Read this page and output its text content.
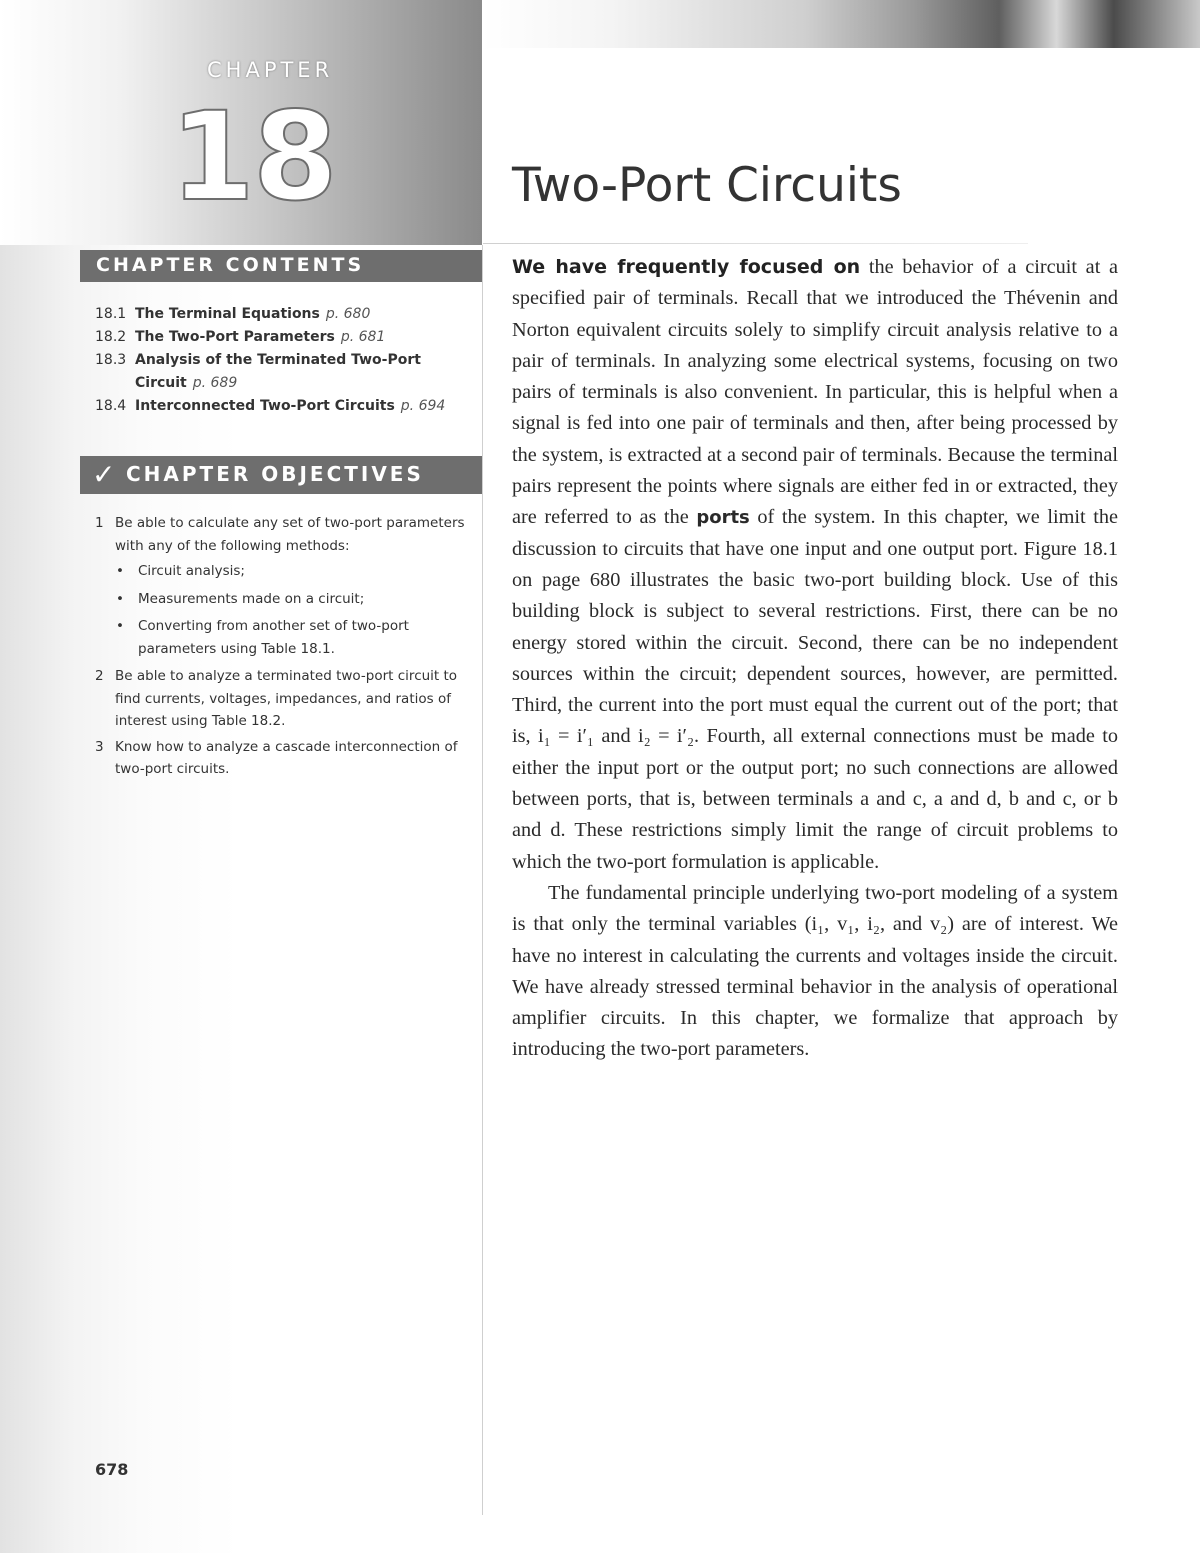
CHAPTER
18	Two-Port Circuits
CHAPTER CONTENTS
18.1 The Terminal Equations p. 680
18.2 The Two-Port Parameters p. 681
18.3 Analysis of the Terminated Two-Port Circuit p. 689
18.4 Interconnected Two-Port Circuits p. 694
✓ CHAPTER OBJECTIVES
1 Be able to calculate any set of two-port parameters with any of the following methods:
• Circuit analysis;
• Measurements made on a circuit;
• Converting from another set of two-port parameters using Table 18.1.
2 Be able to analyze a terminated two-port circuit to find currents, voltages, impedances, and ratios of interest using Table 18.2.
3 Know how to analyze a cascade interconnection of two-port circuits.

We have frequently focused on the behavior of a circuit at a specified pair of terminals. Recall that we introduced the Thévenin and Norton equivalent circuits solely to simplify circuit analysis relative to a pair of terminals. In analyzing some electrical systems, focusing on two pairs of terminals is also convenient. In particular, this is helpful when a signal is fed into one pair of terminals and then, after being processed by the system, is extracted at a second pair of terminals. Because the terminal pairs represent the points where signals are either fed in or extracted, they are referred to as the ports of the system. In this chapter, we limit the discussion to circuits that have one input and one output port. Figure 18.1 on page 680 illustrates the basic two-port building block. Use of this building block is subject to several restrictions. First, there can be no energy stored within the circuit. Second, there can be no independent sources within the circuit; dependent sources, however, are permitted. Third, the current into the port must equal the current out of the port; that is, i₁ = i′₁ and i₂ = i′₂. Fourth, all external connections must be made to either the input port or the output port; no such connections are allowed between ports, that is, between terminals a and c, a and d, b and c, or b and d. These restrictions simply limit the range of circuit problems to which the two-port formulation is applicable.

The fundamental principle underlying two-port modeling of a system is that only the terminal variables (i₁, v₁, i₂, and v₂) are of interest. We have no interest in calculating the currents and voltages inside the circuit. We have already stressed terminal behavior in the analysis of operational amplifier circuits. In this chapter, we formalize that approach by introducing the two-port parameters.

678
